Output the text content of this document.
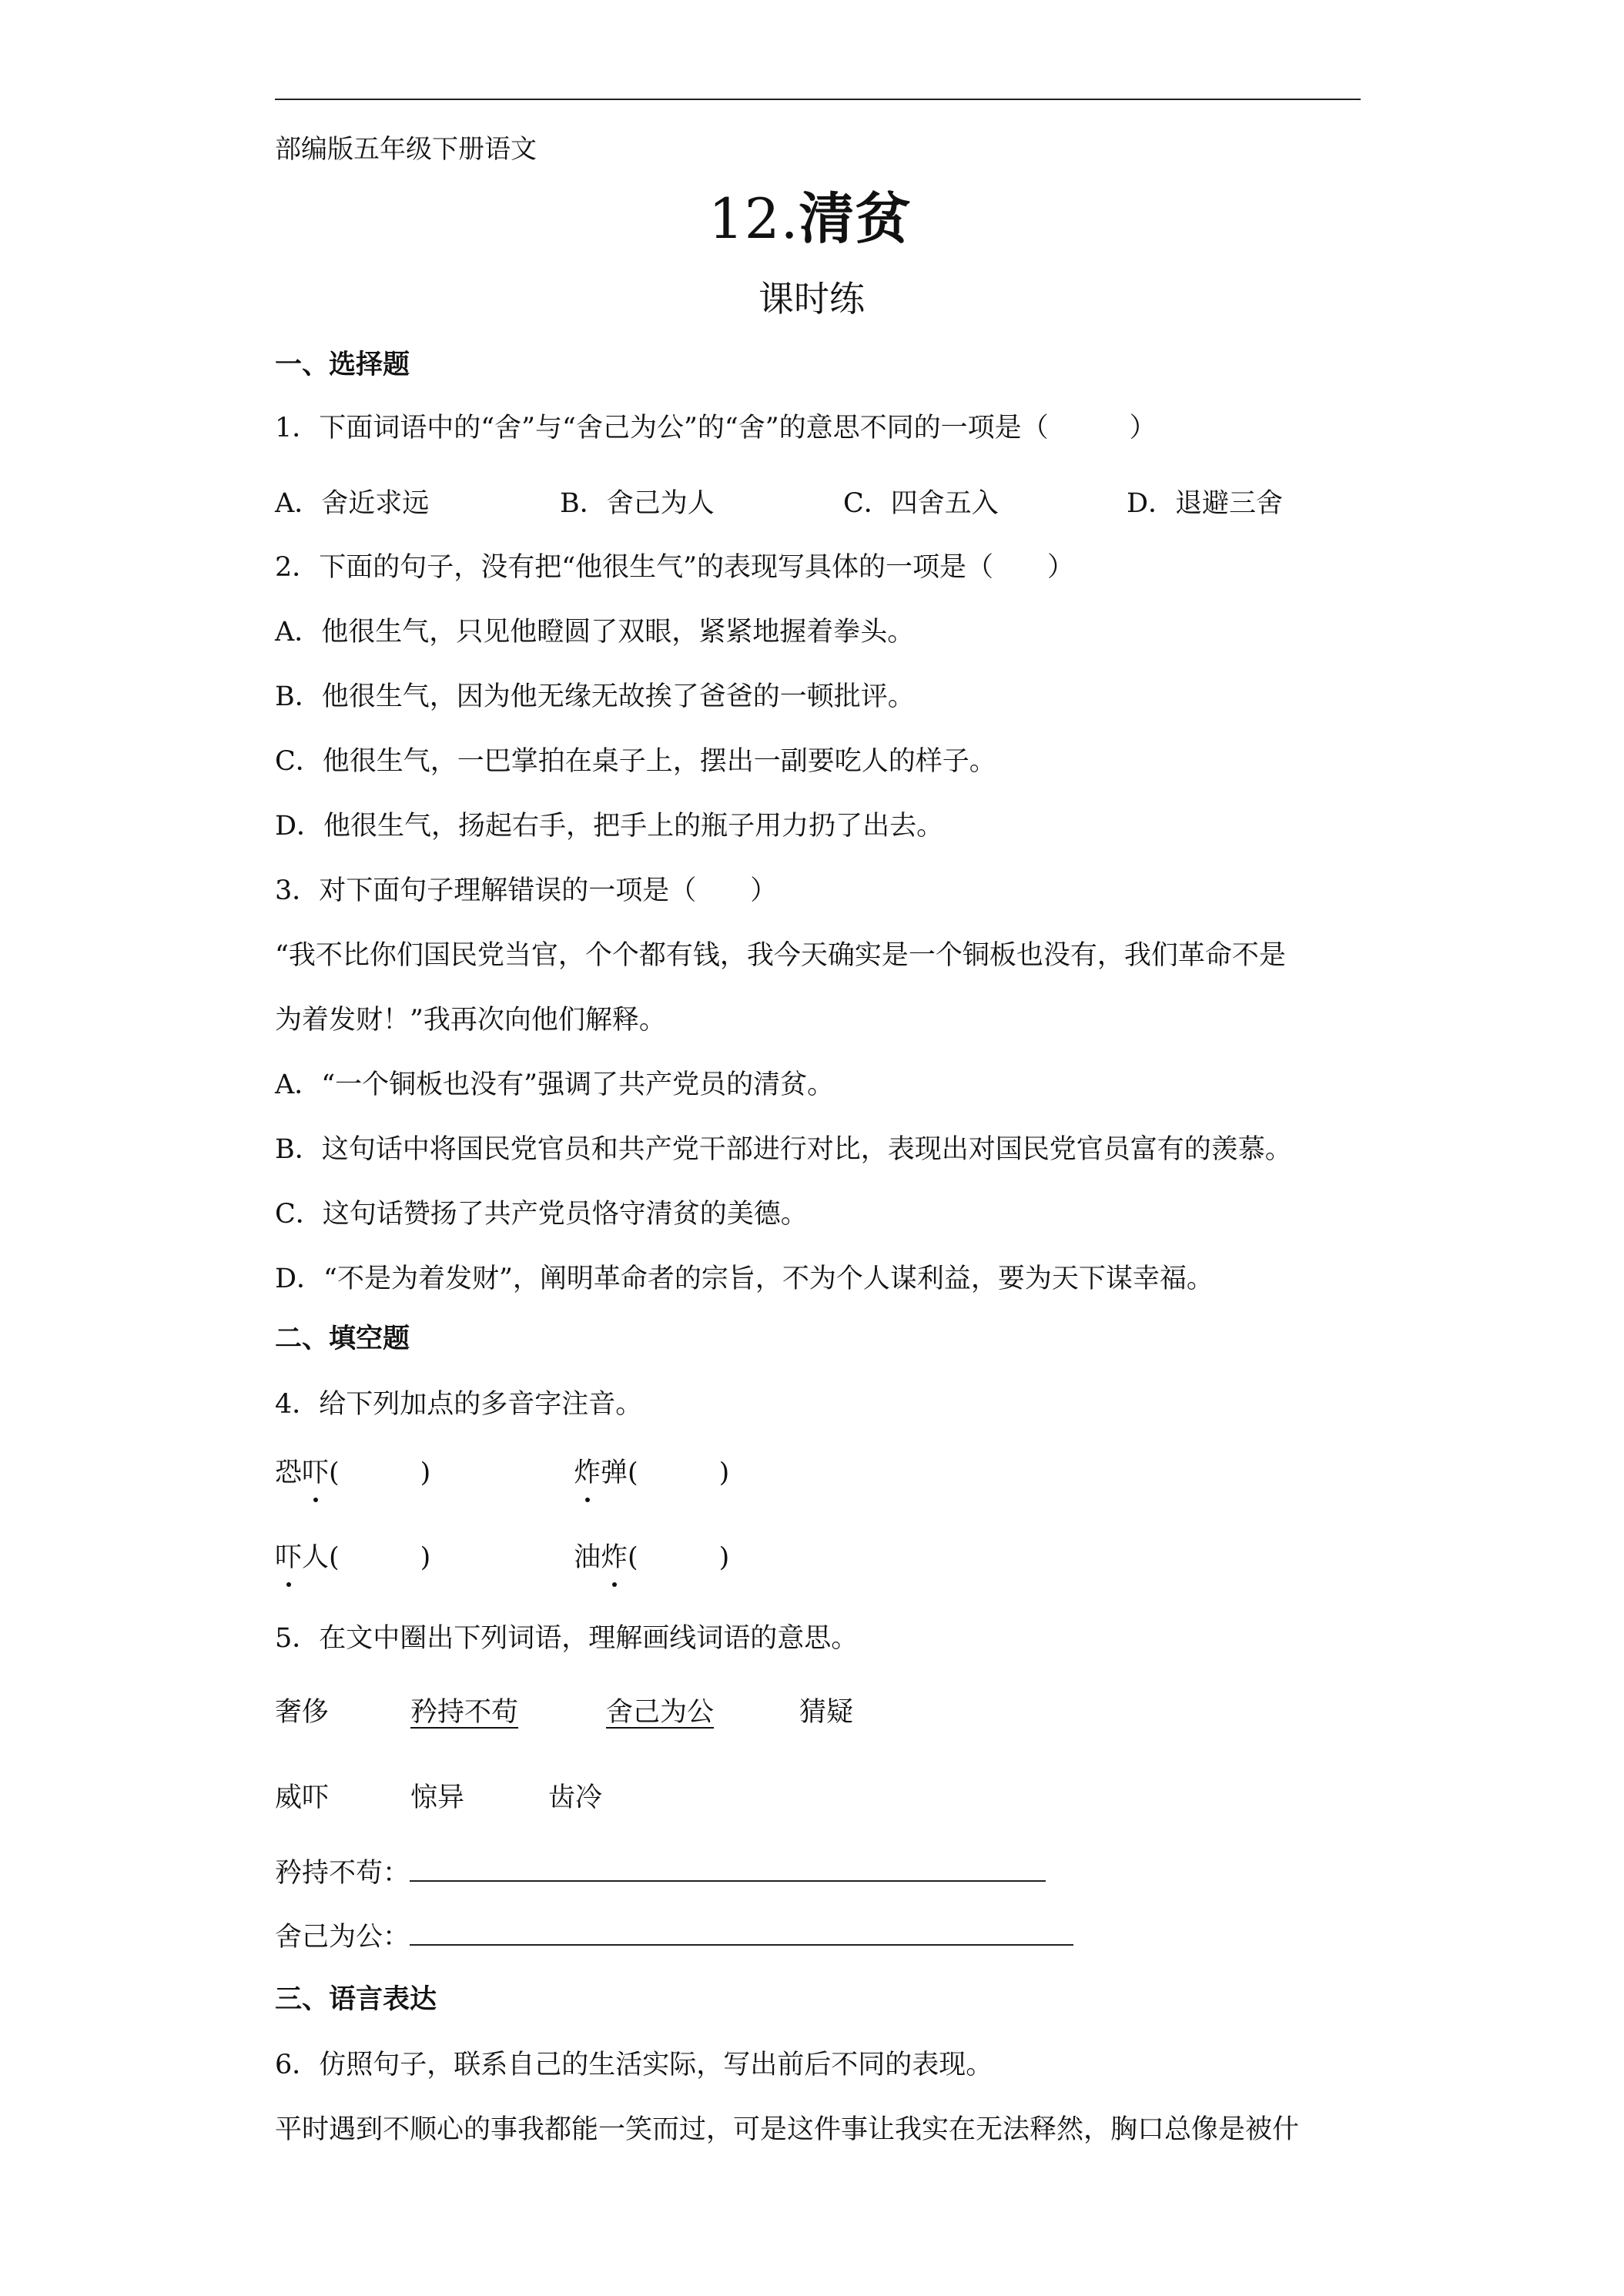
部编版五年级下册语文
12.清贫
课时练
一、选择题
1．下面词语中的“舍”与“舍己为公”的“舍”的意思不同的一项是（　　　）
A．舍近求远	B．舍己为人	C．四舍五入	D．退避三舍
2．下面的句子，没有把“他很生气”的表现写具体的一项是（　　）
A．他很生气，只见他瞪圆了双眼，紧紧地握着拳头。
B．他很生气，因为他无缘无故挨了爸爸的一顿批评。
C．他很生气，一巴掌拍在桌子上，摆出一副要吃人的样子。
D．他很生气，扬起右手，把手上的瓶子用力扔了出去。
3．对下面句子理解错误的一项是（　　）
“我不比你们国民党当官，个个都有钱，我今天确实是一个铜板也没有，我们革命不是
为着发财！”我再次向他们解释。
A．“一个铜板也没有”强调了共产党员的清贫。
B．这句话中将国民党官员和共产党干部进行对比，表现出对国民党官员富有的羡慕。
C．这句话赞扬了共产党员恪守清贫的美德。
D．“不是为着发财”，阐明革命者的宗旨，不为个人谋利益，要为天下谋幸福。
二、填空题
4．给下列加点的多音字注音。
恐吓(　　　)	炸弹(　　　)
吓人(　　　)	油炸(　　　)
5．在文中圈出下列词语，理解画线词语的意思。
奢侈	矜持不苟	舍己为公	猜疑
威吓	惊异	齿冷
矜持不苟：
舍己为公：
三、语言表达
6．仿照句子，联系自己的生活实际，写出前后不同的表现。
平时遇到不顺心的事我都能一笑而过，可是这件事让我实在无法释然，胸口总像是被什
